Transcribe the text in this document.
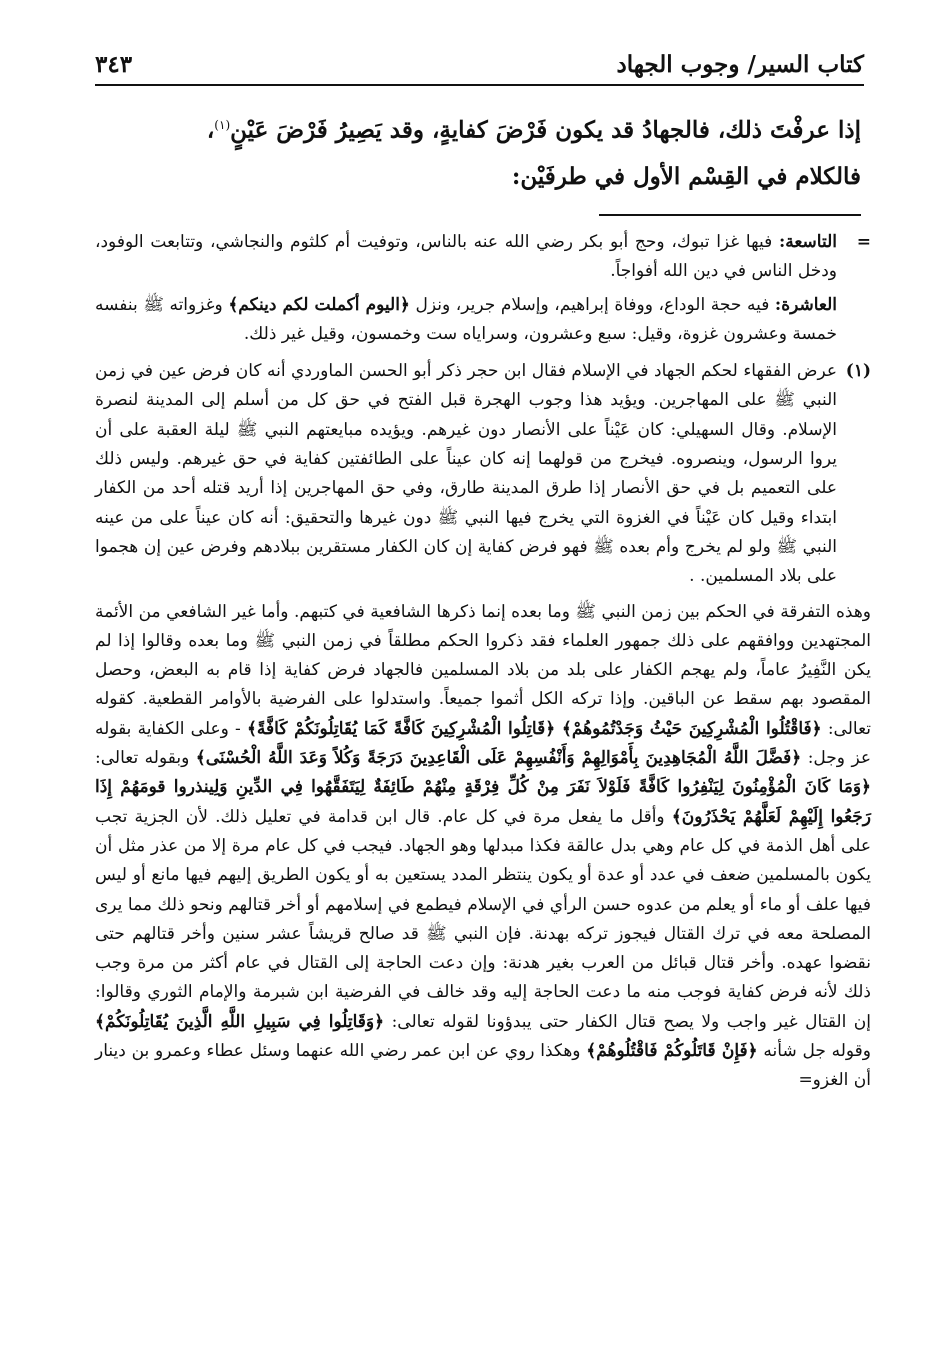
كتاب السير/ وجوب الجهاد
٣٤٣

إذا عرفْتَ ذلك، فالجهادُ قد يكون فَرْضَ كفايةٍ، وقد يَصِيرُ فَرْضَ عَيْنٍ$^{(١)}$،

فالكلام في القِسْم الأول في طرفَيْن:

=

التاسعة: فيها غزا تبوك، وحج أبو بكر رضي الله عنه بالناس، وتوفيت أم كلثوم والنجاشي، وتتابعت الوفود، ودخل الناس في دين الله أفواجاً.

العاشرة: فيه حجة الوداع، ووفاة إبراهيم، وإسلام جرير، ونزل ﴿اليوم أكملت لكم دينكم﴾ وغزواته ﷺ بنفسه خمسة وعشرون غزوة، وقيل: سبع وعشرون، وسراياه ست وخمسون، وقيل غير ذلك.

(١)
عرض الفقهاء لحكم الجهاد في الإسلام فقال ابن حجر ذكر أبو الحسن الماوردي أنه كان فرض عين في زمن النبي ﷺ على المهاجرين. ويؤيد هذا وجوب الهجرة قبل الفتح في حق كل من أسلم إلى المدينة لنصرة الإسلام. وقال السهيلي: كان عَيْناً على الأنصار دون غيرهم. ويؤيده مبايعتهم النبي ﷺ ليلة العقبة على أن يروا الرسول، وينصروه. فيخرج من قولهما إنه كان عيناً على الطائفتين كفاية في حق غيرهم. وليس ذلك على التعميم بل في حق الأنصار إذا طرق المدينة طارق، وفي حق المهاجرين إذا أريد قتله أحد من الكفار ابتداء وقيل كان عَيْناً في الغزوة التي يخرج فيها النبي ﷺ دون غيرها والتحقيق: أنه كان عيناً على من عينه النبي ﷺ ولو لم يخرج وأم بعده ﷺ فهو فرض كفاية إن كان الكفار مستقرين ببلادهم وفرض عين إن هجموا على بلاد المسلمين. .
وهذه التفرقة في الحكم بين زمن النبي ﷺ وما بعده إنما ذكرها الشافعية في كتبهم. وأما غير الشافعي من الأئمة المجتهدين ووافقهم على ذلك جمهور العلماء فقد ذكروا الحكم مطلقاً في زمن النبي ﷺ وما بعده وقالوا إذا لم يكن النَّفِيرُ عاماً، ولم يهجم الكفار على بلد من بلاد المسلمين فالجهاد فرض كفاية إذا قام به البعض، وحصل المقصود بهم سقط عن الباقين. وإذا تركه الكل أثموا جميعاً. واستدلوا على الفرضية بالأوامر القطعية. كقوله تعالى: ﴿فَاقْتُلُوا الْمُشْرِكِينَ حَيْثُ وَجَدْتُمُوهُمْ﴾ ﴿قَاتِلُوا الْمُشْرِكِينَ كَافَّةً كَمَا يُقَاتِلُونَكُمْ كَافَّةً﴾ - وعلى الكفاية بقوله عز وجل: ﴿فَضَّلَ اللَّهُ الْمُجَاهِدِينَ بِأَمْوَالِهِمْ وَأَنْفُسِهِمْ عَلَى الْقَاعِدِينَ دَرَجَةً وَكُلاً وَعَدَ اللَّهُ الْحُسْنَى﴾ وبقوله تعالى: ﴿وَمَا كَانَ الْمُؤْمِنُونَ لِيَنْفِرُوا كَافَّةً فَلَوْلاَ نَفَرَ مِنْ كُلِّ فِرْقَةٍ مِنْهُمْ طَائِفَةٌ لِيَتَفَقَّهُوا فِي الدِّينِ وَلِينذروا قومَهُمْ إِذَا رَجَعُوا إِلَيْهِمْ لَعَلَّهُمْ يَحْذَرُونَ﴾ وأقل ما يفعل مرة في كل عام. قال ابن قدامة في تعليل ذلك. لأن الجزية تجب على أهل الذمة في كل عام وهي بدل عالقة فكذا مبدلها وهو الجهاد. فيجب في كل عام مرة إلا من عذر مثل أن يكون بالمسلمين ضعف في عدد أو عدة أو يكون ينتظر المدد يستعين به أو يكون الطريق إليهم فيها مانع أو ليس فيها علف أو ماء أو يعلم من عدوه حسن الرأي في الإسلام فيطمع في إسلامهم أو أخر قتالهم ونحو ذلك مما يرى المصلحة معه في ترك القتال فيجوز تركه بهدنة. فإن النبي ﷺ قد صالح قريشاً عشر سنين وأخر قتالهم حتى نقضوا عهده. وأخر قتال قبائل من العرب بغير هدنة: وإن دعت الحاجة إلى القتال في عام أكثر من مرة وجب ذلك لأنه فرض كفاية فوجب منه ما دعت الحاجة إليه وقد خالف في الفرضية ابن شبرمة والإمام الثوري وقالوا: إن القتال غير واجب ولا يصح قتال الكفار حتى يبدؤونا لقوله تعالى: ﴿وَقَاتِلُوا فِي سَبِيلِ اللَّهِ الَّذِينَ يُقَاتِلُونَكُمْ﴾ وقوله جل شأنه ﴿فَإِنْ قَاتَلُوكُمْ فَاقْتُلُوهُمْ﴾ وهكذا روي عن ابن عمر رضي الله عنهما وسئل عطاء وعمرو بن دينار أن الغزو=
